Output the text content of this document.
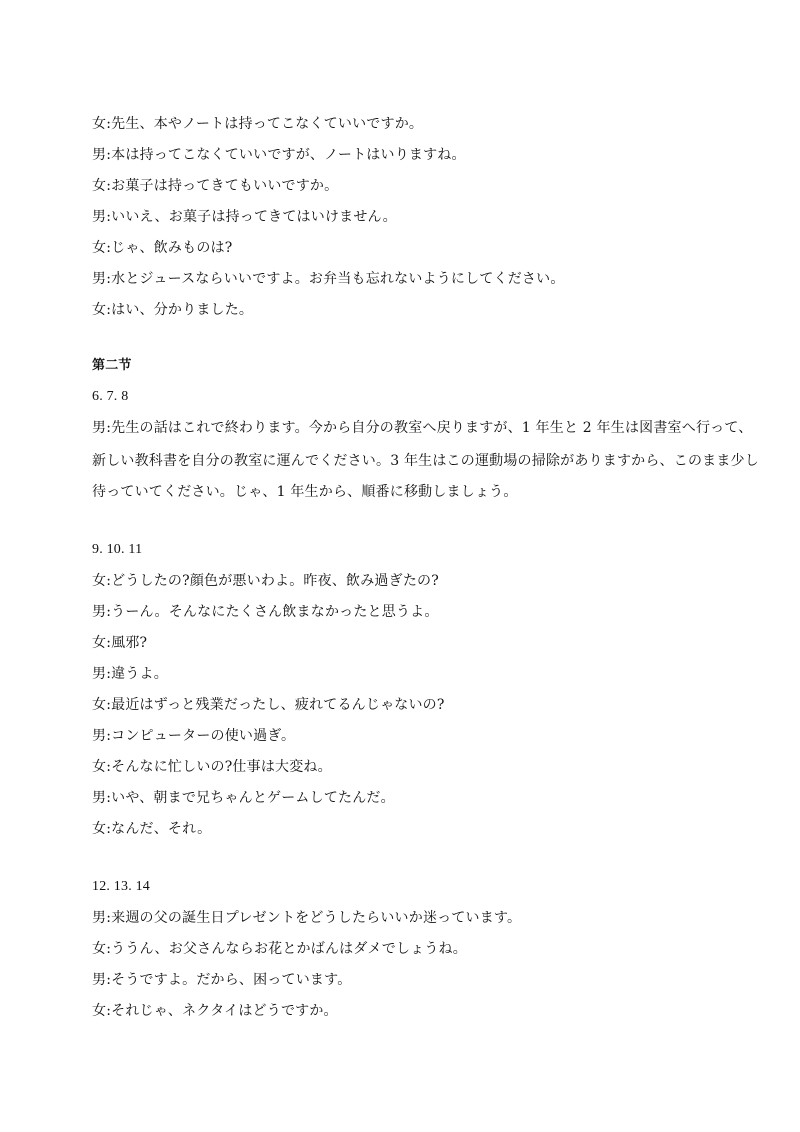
女:先生、本やノートは持ってこなくていいですか。
男:本は持ってこなくていいですが、ノートはいりますね。
女:お菓子は持ってきてもいいですか。
男:いいえ、お菓子は持ってきてはいけません。
女:じゃ、飲みものは?
男:水とジュースならいいですよ。お弁当も忘れないようにしてください。
女:はい、分かりました。
第二节
6. 7. 8
男:先生の話はこれで終わります。今から自分の教室へ戻りますが、1 年生と 2 年生は図書室へ行って、
新しい教科書を自分の教室に運んでください。3 年生はこの運動場の掃除がありますから、このまま少し
待っていてください。じゃ、1 年生から、順番に移動しましょう。
9. 10. 11
女:どうしたの?顔色が悪いわよ。昨夜、飲み過ぎたの?
男:うーん。そんなにたくさん飲まなかったと思うよ。
女:風邪?
男:違うよ。
女:最近はずっと残業だったし、疲れてるんじゃないの?
男:コンピューターの使い過ぎ。
女:そんなに忙しいの?仕事は大変ね。
男:いや、朝まで兄ちゃんとゲームしてたんだ。
女:なんだ、それ。
12. 13. 14
男:来週の父の誕生日プレゼントをどうしたらいいか迷っています。
女:ううん、お父さんならお花とかばんはダメでしょうね。
男:そうですよ。だから、困っています。
女:それじゃ、ネクタイはどうですか。
